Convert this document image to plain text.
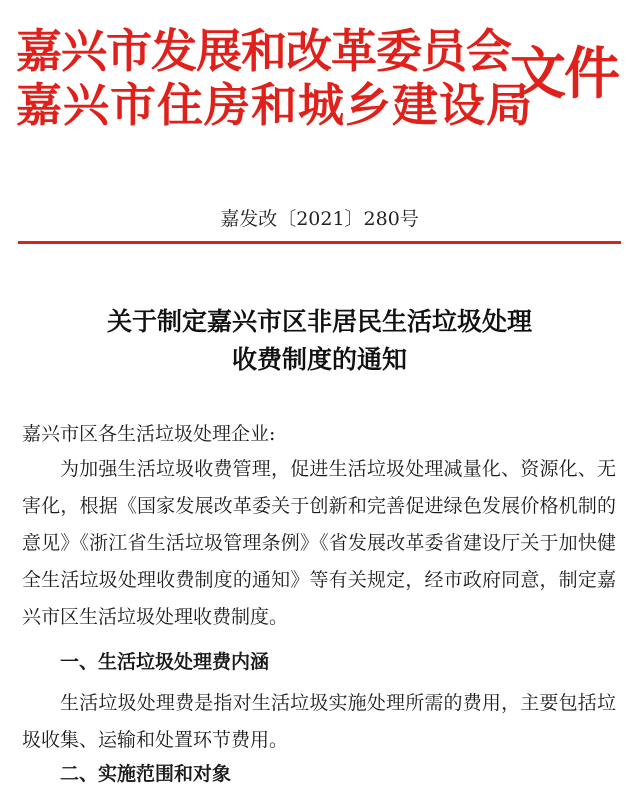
嘉兴市发展和改革委员会
嘉兴市住房和城乡建设局
文件
嘉发改〔2021〕280号
关于制定嘉兴市区非居民生活垃圾处理
收费制度的通知
嘉兴市区各生活垃圾处理企业:
为加强生活垃圾收费管理，促进生活垃圾处理减量化、资源化、无害化，根据《国家发展改革委关于创新和完善促进绿色发展价格机制的意见》《浙江省生活垃圾管理条例》《省发展改革委省建设厅关于加快健全生活垃圾处理收费制度的通知》等有关规定，经市政府同意，制定嘉兴市区生活垃圾处理收费制度。
一、生活垃圾处理费内涵
生活垃圾处理费是指对生活垃圾实施处理所需的费用，主要包括垃圾收集、运输和处置环节费用。
二、实施范围和对象
